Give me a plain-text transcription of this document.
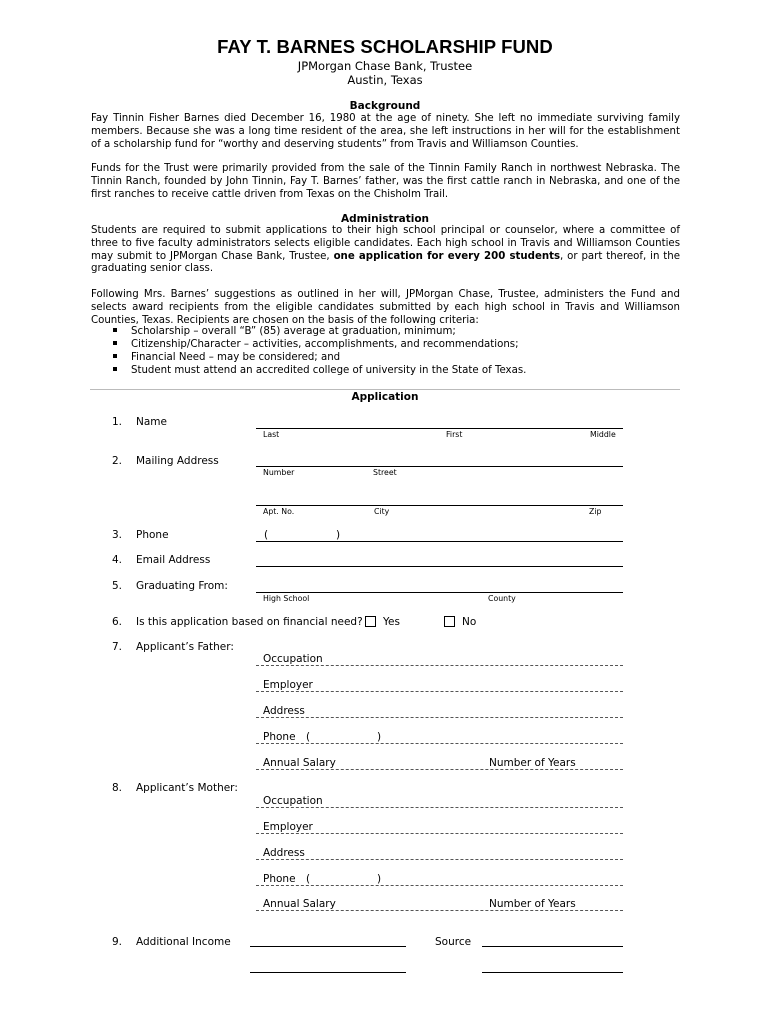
FAY T. BARNES SCHOLARSHIP FUND
JPMorgan Chase Bank, Trustee
Austin, Texas
Background

Fay Tinnin Fisher Barnes died December 16, 1980 at the age of ninety. She left no immediate surviving family members. Because she was a long time resident of the area, she left instructions in her will for the establishment of a scholarship fund for “worthy and deserving students” from Travis and Williamson Counties.

Funds for the Trust were primarily provided from the sale of the Tinnin Family Ranch in northwest Nebraska. The Tinnin Ranch, founded by John Tinnin, Fay T. Barnes’ father, was the first cattle ranch in Nebraska, and one of the first ranches to receive cattle driven from Texas on the Chisholm Trail.

Administration

Students are required to submit applications to their high school principal or counselor, where a committee of three to five faculty administrators selects eligible candidates. Each high school in Travis and Williamson Counties may submit to JPMorgan Chase Bank, Trustee, one application for every 200 students, or part thereof, in the graduating senior class.

Following Mrs. Barnes’ suggestions as outlined in her will, JPMorgan Chase, Trustee, administers the Fund and selects award recipients from the eligible candidates submitted by each high school in Travis and Williamson Counties, Texas. Recipients are chosen on the basis of the following criteria:

Scholarship – overall “B” (85) average at graduation, minimum;
Citizenship/Character – activities, accomplishments, and recommendations;
Financial Need – may be considered; and
Student must attend an accredited college of university in the State of Texas.
Application
1. Name
Last	First	Middle
2. Mailing Address
Number	Street
Apt. No.	City	Zip
3. Phone	(	)
4. Email Address
5. Graduating From:
High School	County
6. Is this application based on financial need? Yes	No
7. Applicant’s Father:
Occupation
Employer
Address
Phone (	)
Annual Salary	Number of Years
8. Applicant’s Mother:
Occupation
Employer
Address
Phone (	)
Annual Salary	Number of Years
9. Additional Income	Source
